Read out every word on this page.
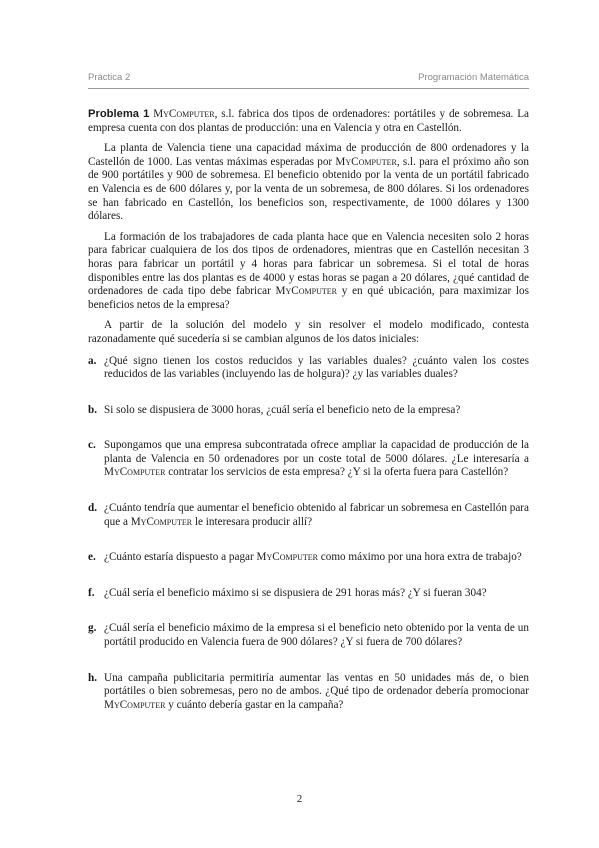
Práctica 2	Programación Matemática

Problema 1 MyComputer, s.l. fabrica dos tipos de ordenadores: portátiles y de sobremesa. La empresa cuenta con dos plantas de producción: una en Valencia y otra en Castellón.

La planta de Valencia tiene una capacidad máxima de producción de 800 ordenadores y la Castellón de 1000. Las ventas máximas esperadas por MyComputer, s.l. para el próximo año son de 900 portátiles y 900 de sobremesa. El beneficio obtenido por la venta de un portátil fabricado en Valencia es de 600 dólares y, por la venta de un sobremesa, de 800 dólares. Si los ordenadores se han fabricado en Castellón, los beneficios son, respectivamente, de 1000 dólares y 1300 dólares.

La formación de los trabajadores de cada planta hace que en Valencia necesiten solo 2 horas para fabricar cualquiera de los dos tipos de ordenadores, mientras que en Castellón necesitan 3 horas para fabricar un portátil y 4 horas para fabricar un sobremesa. Si el total de horas disponibles entre las dos plantas es de 4000 y estas horas se pagan a 20 dólares, ¿qué cantidad de ordenadores de cada tipo debe fabricar MyComputer y en qué ubicación, para maximizar los beneficios netos de la empresa?

A partir de la solución del modelo y sin resolver el modelo modificado, contesta razonadamente qué sucedería si se cambian algunos de los datos iniciales:

a. ¿Qué signo tienen los costos reducidos y las variables duales? ¿cuánto valen los costes reducidos de las variables (incluyendo las de holgura)? ¿y las variables duales?
b. Si solo se dispusiera de 3000 horas, ¿cuál sería el beneficio neto de la empresa?
c. Supongamos que una empresa subcontratada ofrece ampliar la capacidad de producción de la planta de Valencia en 50 ordenadores por un coste total de 5000 dólares. ¿Le interesaría a MyComputer contratar los servicios de esta empresa? ¿Y si la oferta fuera para Castellón?
d. ¿Cuánto tendría que aumentar el beneficio obtenido al fabricar un sobremesa en Castellón para que a MyComputer le interesara producir allí?
e. ¿Cuánto estaría dispuesto a pagar MyComputer como máximo por una hora extra de trabajo?
f. ¿Cuál sería el beneficio máximo si se dispusiera de 291 horas más? ¿Y si fueran 304?
g. ¿Cuál sería el beneficio máximo de la empresa si el beneficio neto obtenido por la venta de un portátil producido en Valencia fuera de 900 dólares? ¿Y si fuera de 700 dólares?
h. Una campaña publicitaria permitiría aumentar las ventas en 50 unidades más de, o bien portátiles o bien sobremesas, pero no de ambos. ¿Qué tipo de ordenador debería promocionar MyComputer y cuánto debería gastar en la campaña?
2
